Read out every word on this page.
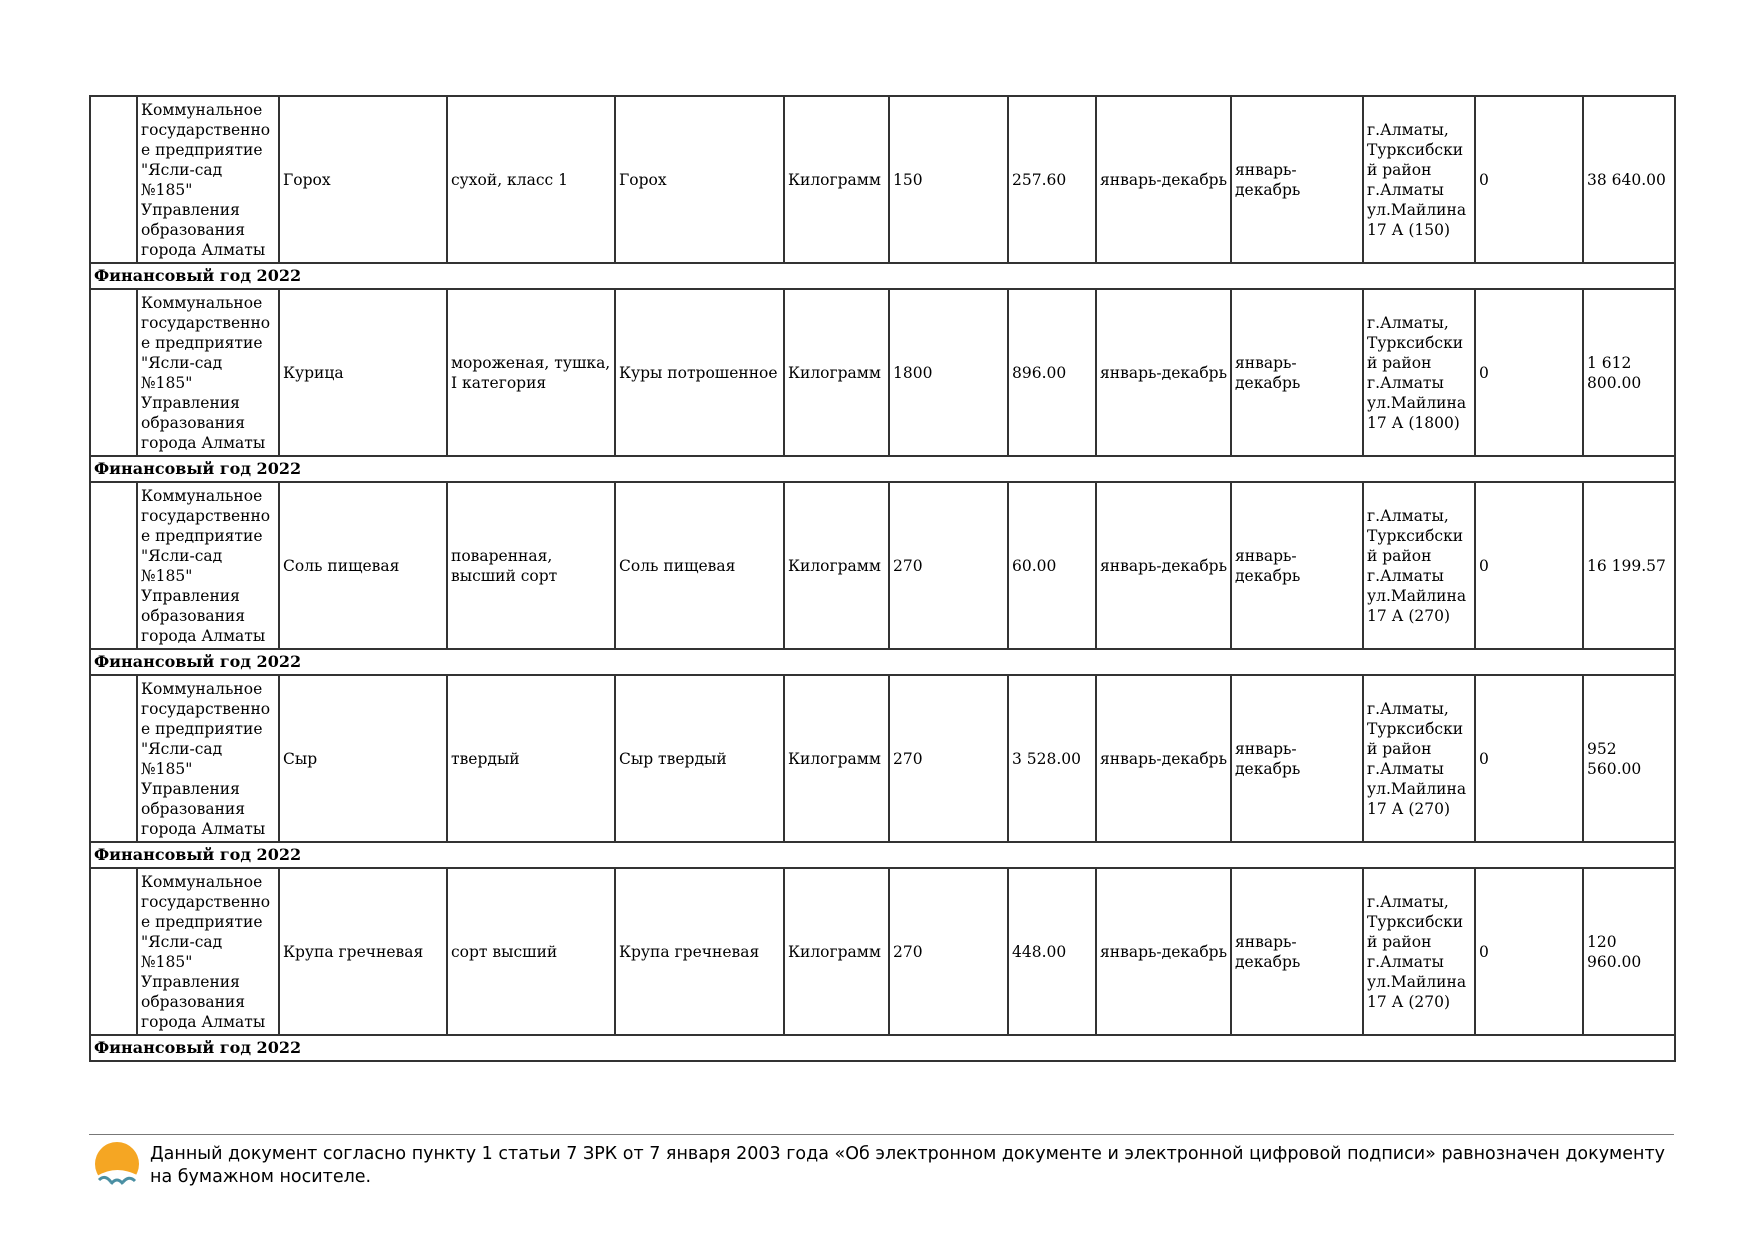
	Коммунальное государственное предприятие "Ясли-сад №185" Управления образования города Алматы	Горох	сухой, класс 1	Горох	Килограмм	150	257.60	январь-декабрь	январь-декабрь	г.Алматы, Турксибский район г.Алматы ул.Майлина 17 А (150)	0	38 640.00
Финансовый год 2022												
	Коммунальное государственное предприятие "Ясли-сад №185" Управления образования города Алматы	Курица	мороженая, тушка, I категория	Куры потрошенное	Килограмм	1800	896.00	январь-декабрь	январь-декабрь	г.Алматы, Турксибский район г.Алматы ул.Майлина 17 А (1800)	0	1 612 800.00
Финансовый год 2022												
	Коммунальное государственное предприятие "Ясли-сад №185" Управления образования города Алматы	Соль пищевая	поваренная, высший сорт	Соль пищевая	Килограмм	270	60.00	январь-декабрь	январь-декабрь	г.Алматы, Турксибский район г.Алматы ул.Майлина 17 А (270)	0	16 199.57
Финансовый год 2022												
	Коммунальное государственное предприятие "Ясли-сад №185" Управления образования города Алматы	Сыр	твердый	Сыр твердый	Килограмм	270	3 528.00	январь-декабрь	январь-декабрь	г.Алматы, Турксибский район г.Алматы ул.Майлина 17 А (270)	0	952 560.00
Финансовый год 2022												
	Коммунальное государственное предприятие "Ясли-сад №185" Управления образования города Алматы	Крупа гречневая	сорт высший	Крупа гречневая	Килограмм	270	448.00	январь-декабрь	январь-декабрь	г.Алматы, Турксибский район г.Алматы ул.Майлина 17 А (270)	0	120 960.00
Финансовый год 2022												
Данный документ согласно пункту 1 статьи 7 ЗРК от 7 января 2003 года «Об электронном документе и электронной цифровой подписи» равнозначен документу на бумажном носителе.
